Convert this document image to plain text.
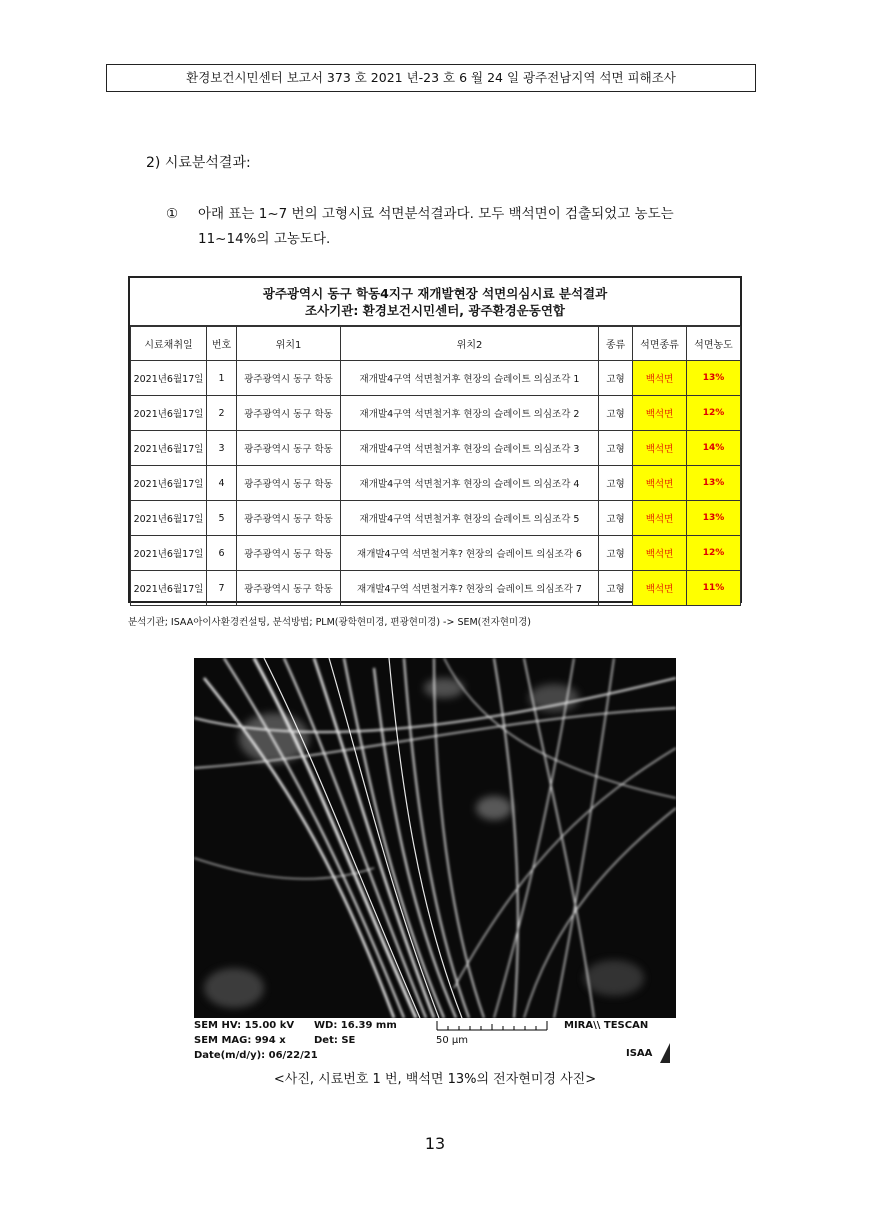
환경보건시민센터 보고서 373 호 2021 년-23 호 6 월 24 일 광주전남지역 석면 피해조사
2) 시료분석결과:
① 아래 표는 1~7 번의 고형시료 석면분석결과다. 모두 백석면이 검출되었고 농도는
11~14%의 고농도다.
광주광역시 동구 학동4지구 재개발현장 석면의심시료 분석결과
조사기관: 환경보건시민센터, 광주환경운동연합
시료채취일	번호	위치1	위치2	종류	석면종류	석면농도
2021년6월17일	1	광주광역시 동구 학동	재개발4구역 석면철거후 현장의 슬레이트 의심조각 1	고형	백석면	13%
2021년6월17일	2	광주광역시 동구 학동	재개발4구역 석면철거후 현장의 슬레이트 의심조각 2	고형	백석면	12%
2021년6월17일	3	광주광역시 동구 학동	재개발4구역 석면철거후 현장의 슬레이트 의심조각 3	고형	백석면	14%
2021년6월17일	4	광주광역시 동구 학동	재개발4구역 석면철거후 현장의 슬레이트 의심조각 4	고형	백석면	13%
2021년6월17일	5	광주광역시 동구 학동	재개발4구역 석면철거후 현장의 슬레이트 의심조각 5	고형	백석면	13%
2021년6월17일	6	광주광역시 동구 학동	재개발4구역 석면철거후? 현장의 슬레이트 의심조각 6	고형	백석면	12%
2021년6월17일	7	광주광역시 동구 학동	재개발4구역 석면철거후? 현장의 슬레이트 의심조각 7	고형	백석면	11%
분석기관; ISAA아이사환경컨설팅, 분석방법; PLM(광학현미경, 편광현미경) -> SEM(전자현미경)
SEM HV: 15.00 kV WD: 16.39 mm	MIRA\\ TESCAN
SEM MAG: 994 x	Det: SE	50 μm
Date(m/d/y): 06/22/21	ISAA
<사진, 시료번호 1 번, 백석면 13%의 전자현미경 사진>
13
